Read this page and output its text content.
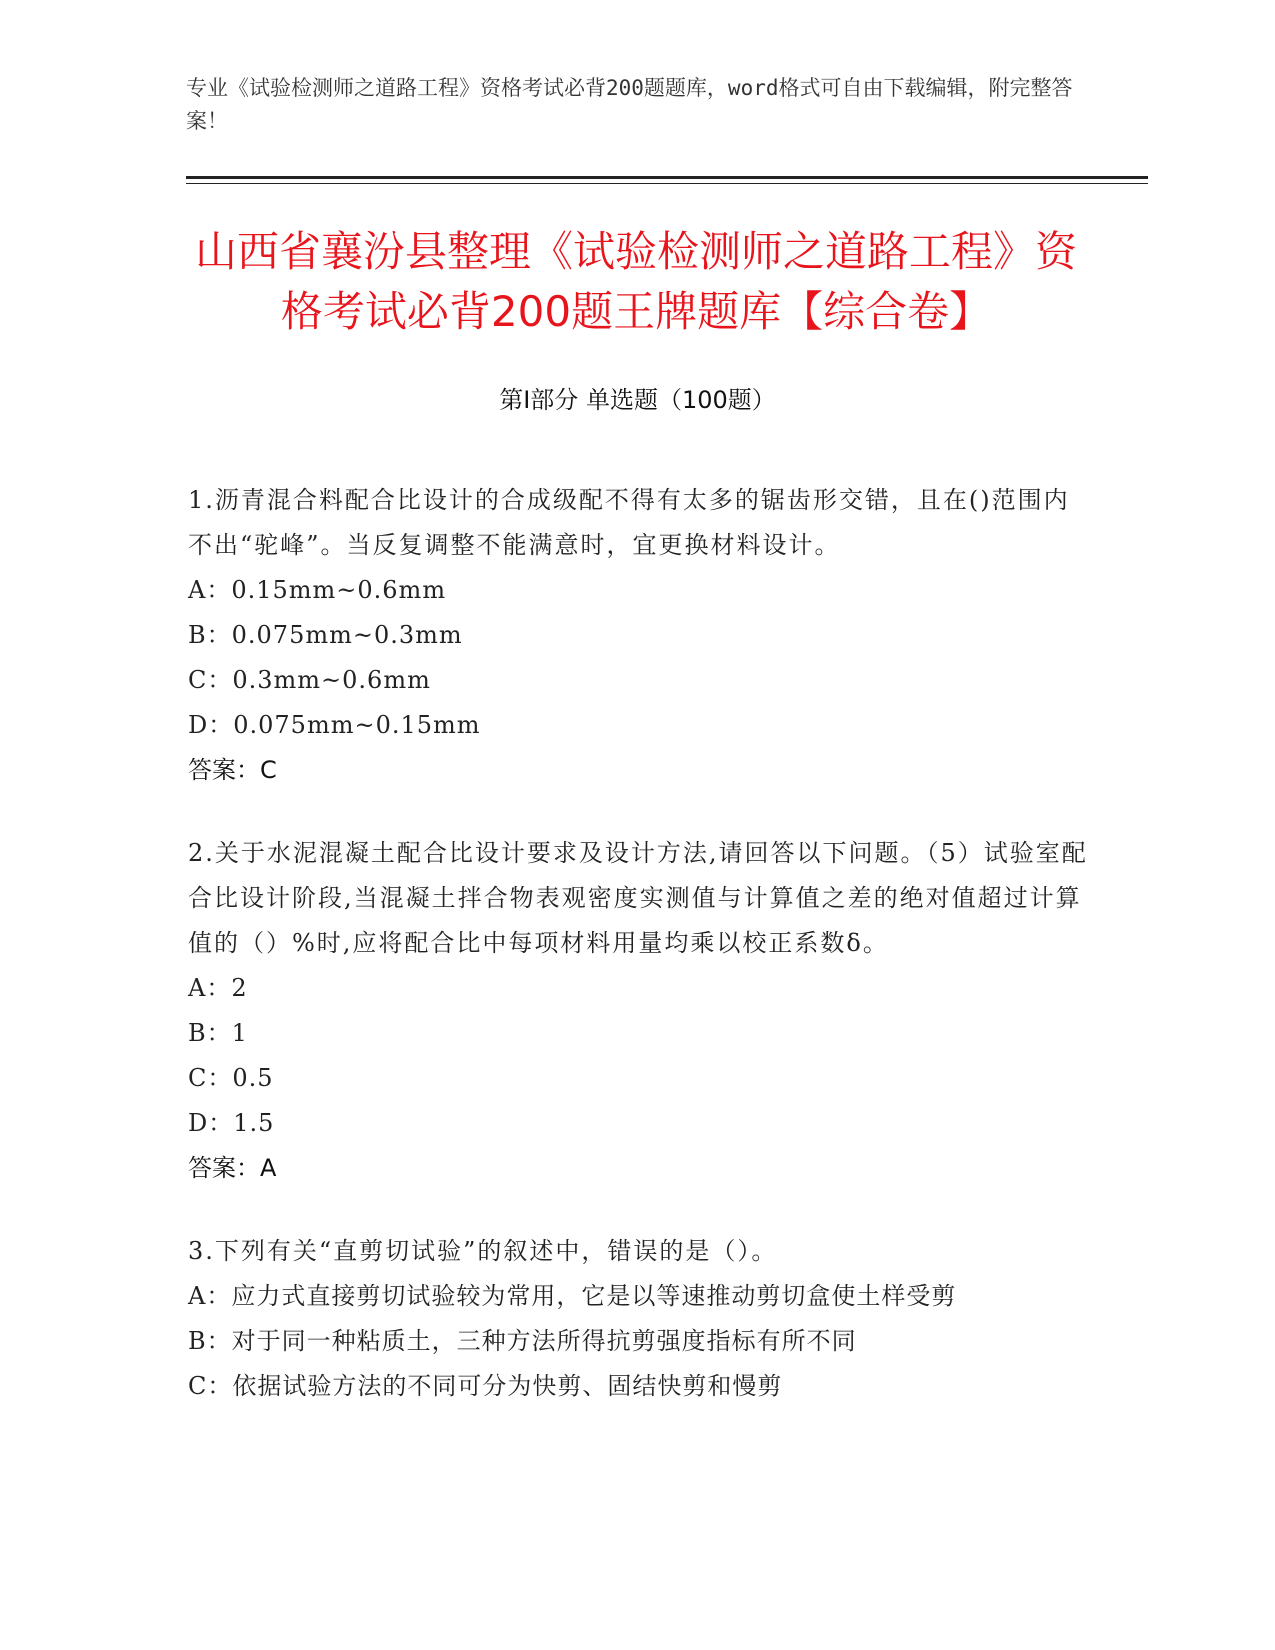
专业《试验检测师之道路工程》资格考试必背200题题库，word格式可自由下载编辑，附完整答案！
山西省襄汾县整理《试验检测师之道路工程》资格考试必背200题王牌题库【综合卷】
第I部分 单选题（100题）
1.沥青混合料配合比设计的合成级配不得有太多的锯齿形交错，且在()范围内不出“驼峰”。当反复调整不能满意时，宜更换材料设计。
A：0.15mm~0.6mm
B：0.075mm~0.3mm
C：0.3mm~0.6mm
D：0.075mm~0.15mm
答案：C
2.关于水泥混凝土配合比设计要求及设计方法,请回答以下问题。（5）试验室配合比设计阶段,当混凝土拌合物表观密度实测值与计算值之差的绝对值超过计算值的（）%时,应将配合比中每项材料用量均乘以校正系数δ。
A：2
B：1
C：0.5
D：1.5
答案：A
3.下列有关“直剪切试验”的叙述中，错误的是（）。
A：应力式直接剪切试验较为常用，它是以等速推动剪切盒使土样受剪
B：对于同一种粘质土，三种方法所得抗剪强度指标有所不同
C：依据试验方法的不同可分为快剪、固结快剪和慢剪
